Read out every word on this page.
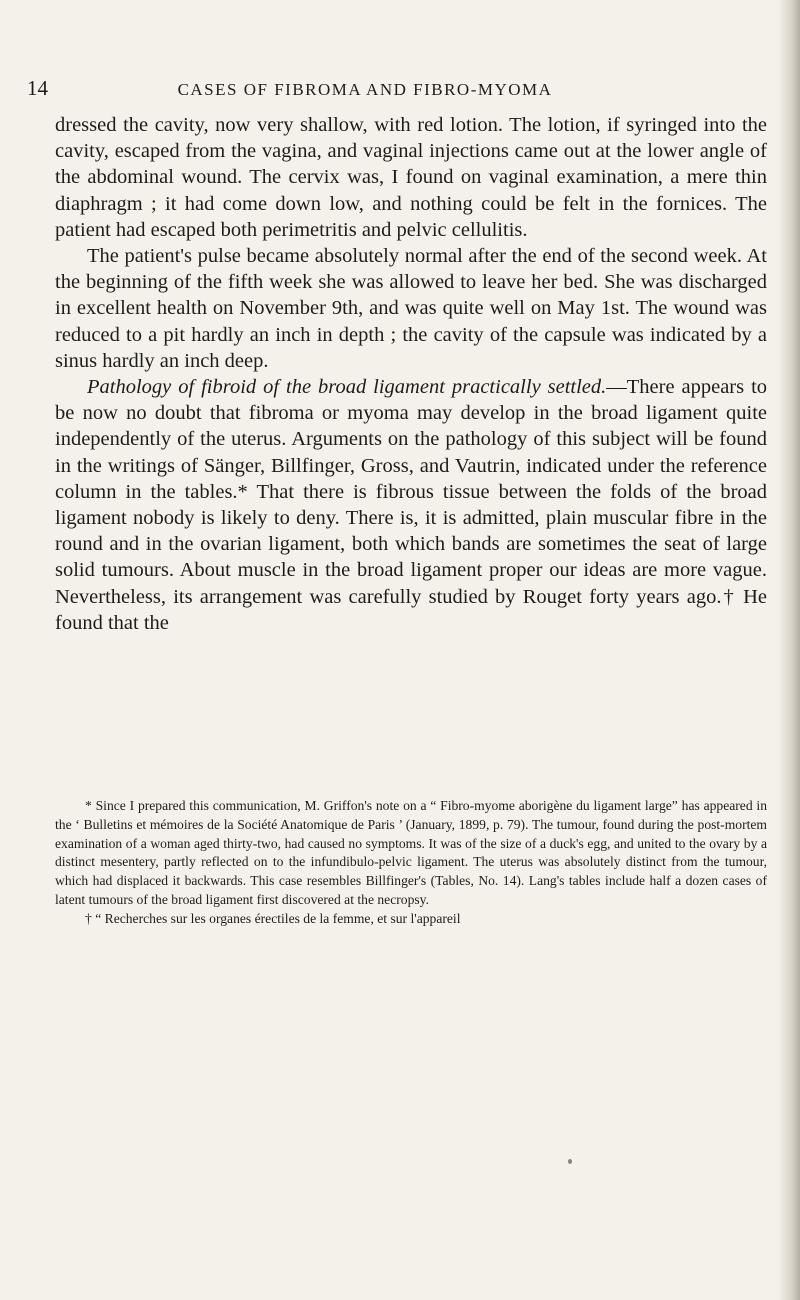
14	CASES OF FIBROMA AND FIBRO-MYOMA

dressed the cavity, now very shallow, with red lotion. The lotion, if syringed into the cavity, escaped from the vagina, and vaginal injections came out at the lower angle of the abdominal wound. The cervix was, I found on vaginal examination, a mere thin diaphragm ; it had come down low, and nothing could be felt in the fornices. The patient had escaped both perimetritis and pelvic cellulitis.

The patient's pulse became absolutely normal after the end of the second week. At the beginning of the fifth week she was allowed to leave her bed. She was discharged in excellent health on November 9th, and was quite well on May 1st. The wound was reduced to a pit hardly an inch in depth ; the cavity of the capsule was indicated by a sinus hardly an inch deep.

Pathology of fibroid of the broad ligament practically settled.—There appears to be now no doubt that fibroma or myoma may develop in the broad ligament quite independently of the uterus. Arguments on the pathology of this subject will be found in the writings of Sänger, Billfinger, Gross, and Vautrin, indicated under the reference column in the tables.* That there is fibrous tissue between the folds of the broad ligament nobody is likely to deny. There is, it is admitted, plain muscular fibre in the round and in the ovarian ligament, both which bands are sometimes the seat of large solid tumours. About muscle in the broad ligament proper our ideas are more vague. Nevertheless, its arrangement was carefully studied by Rouget forty years ago.† He found that the

* Since I prepared this communication, M. Griffon's note on a “ Fibro-myome aborigène du ligament large” has appeared in the ‘ Bulletins et mémoires de la Société Anatomique de Paris ’ (January, 1899, p. 79). The tumour, found during the post-mortem examination of a woman aged thirty-two, had caused no symptoms. It was of the size of a duck's egg, and united to the ovary by a distinct mesentery, partly reflected on to the infundibulo-pelvic ligament. The uterus was absolutely distinct from the tumour, which had displaced it backwards. This case resembles Billfinger's (Tables, No. 14). Lang's tables include half a dozen cases of latent tumours of the broad ligament first discovered at the necropsy.

† “ Recherches sur les organes érectiles de la femme, et sur l'appareil
